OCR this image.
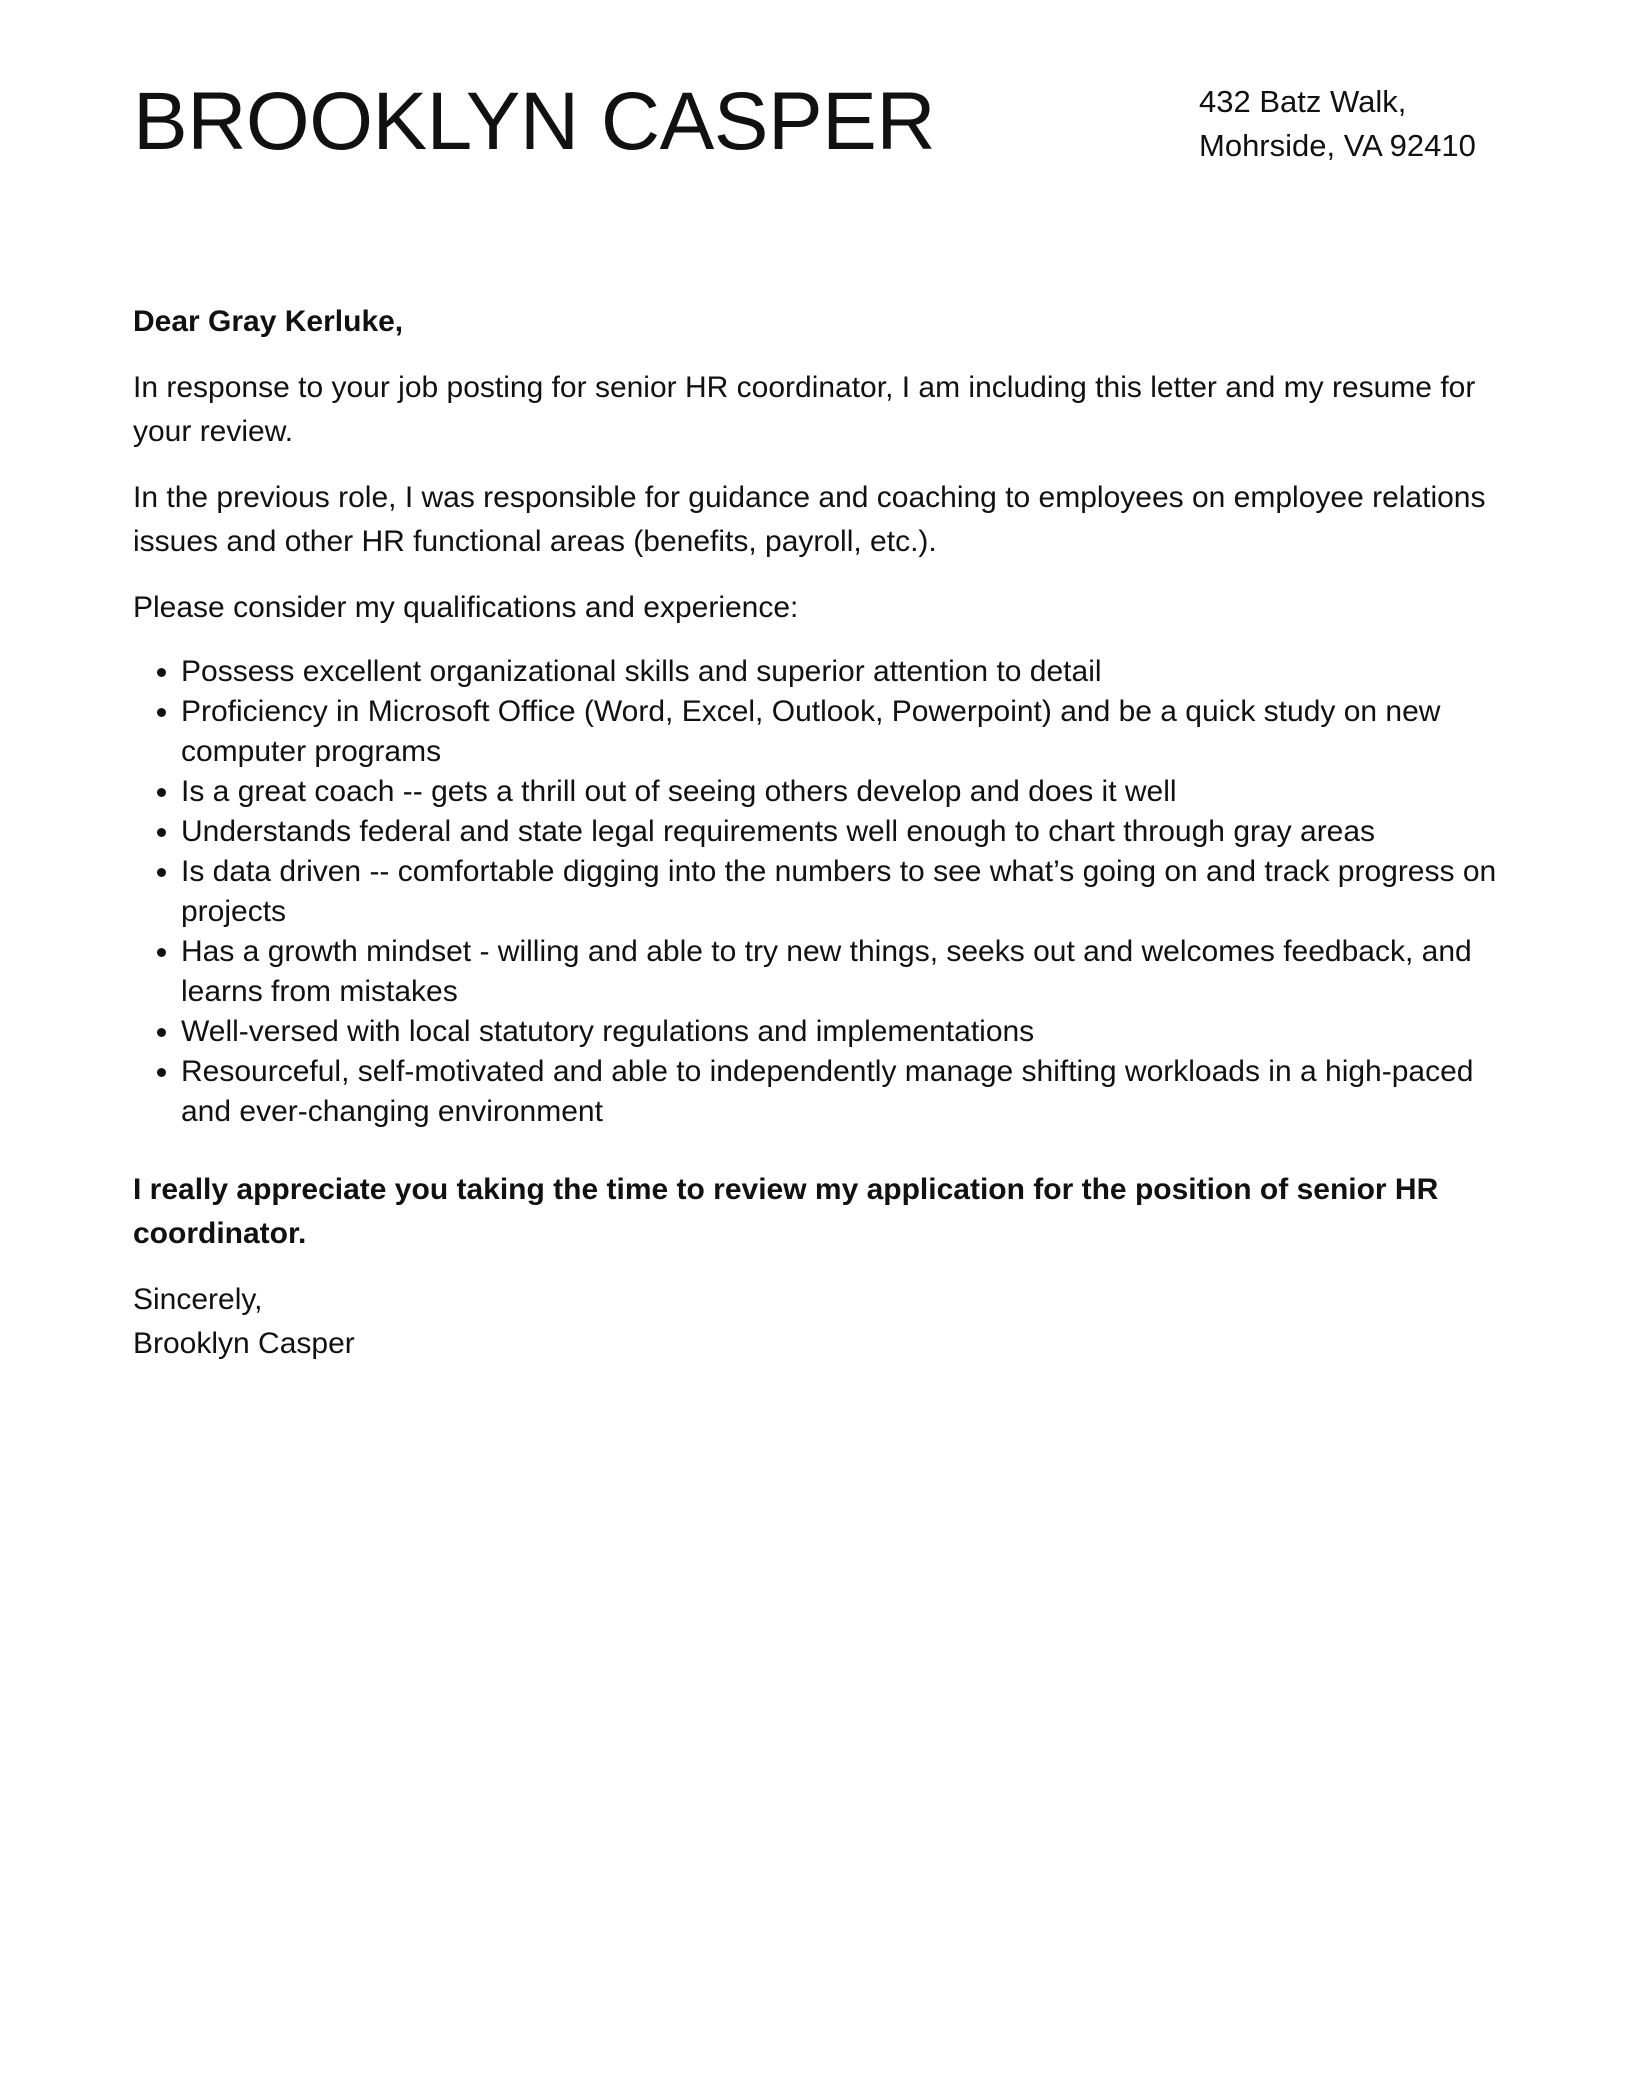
BROOKLYN CASPER	432 Batz Walk,
Mohrside, VA 92410

Dear Gray Kerluke,

In response to your job posting for senior HR coordinator, I am including this letter and my resume for your review.

In the previous role, I was responsible for guidance and coaching to employees on employee relations issues and other HR functional areas (benefits, payroll, etc.).

Please consider my qualifications and experience:

• Possess excellent organizational skills and superior attention to detail
• Proficiency in Microsoft Office (Word, Excel, Outlook, Powerpoint) and be a quick study on new computer programs
• Is a great coach -- gets a thrill out of seeing others develop and does it well
• Understands federal and state legal requirements well enough to chart through gray areas
• Is data driven -- comfortable digging into the numbers to see what’s going on and track progress on projects
• Has a growth mindset - willing and able to try new things, seeks out and welcomes feedback, and learns from mistakes
• Well-versed with local statutory regulations and implementations
• Resourceful, self-motivated and able to independently manage shifting workloads in a high-paced and ever-changing environment

I really appreciate you taking the time to review my application for the position of senior HR coordinator.

Sincerely,

Brooklyn Casper
